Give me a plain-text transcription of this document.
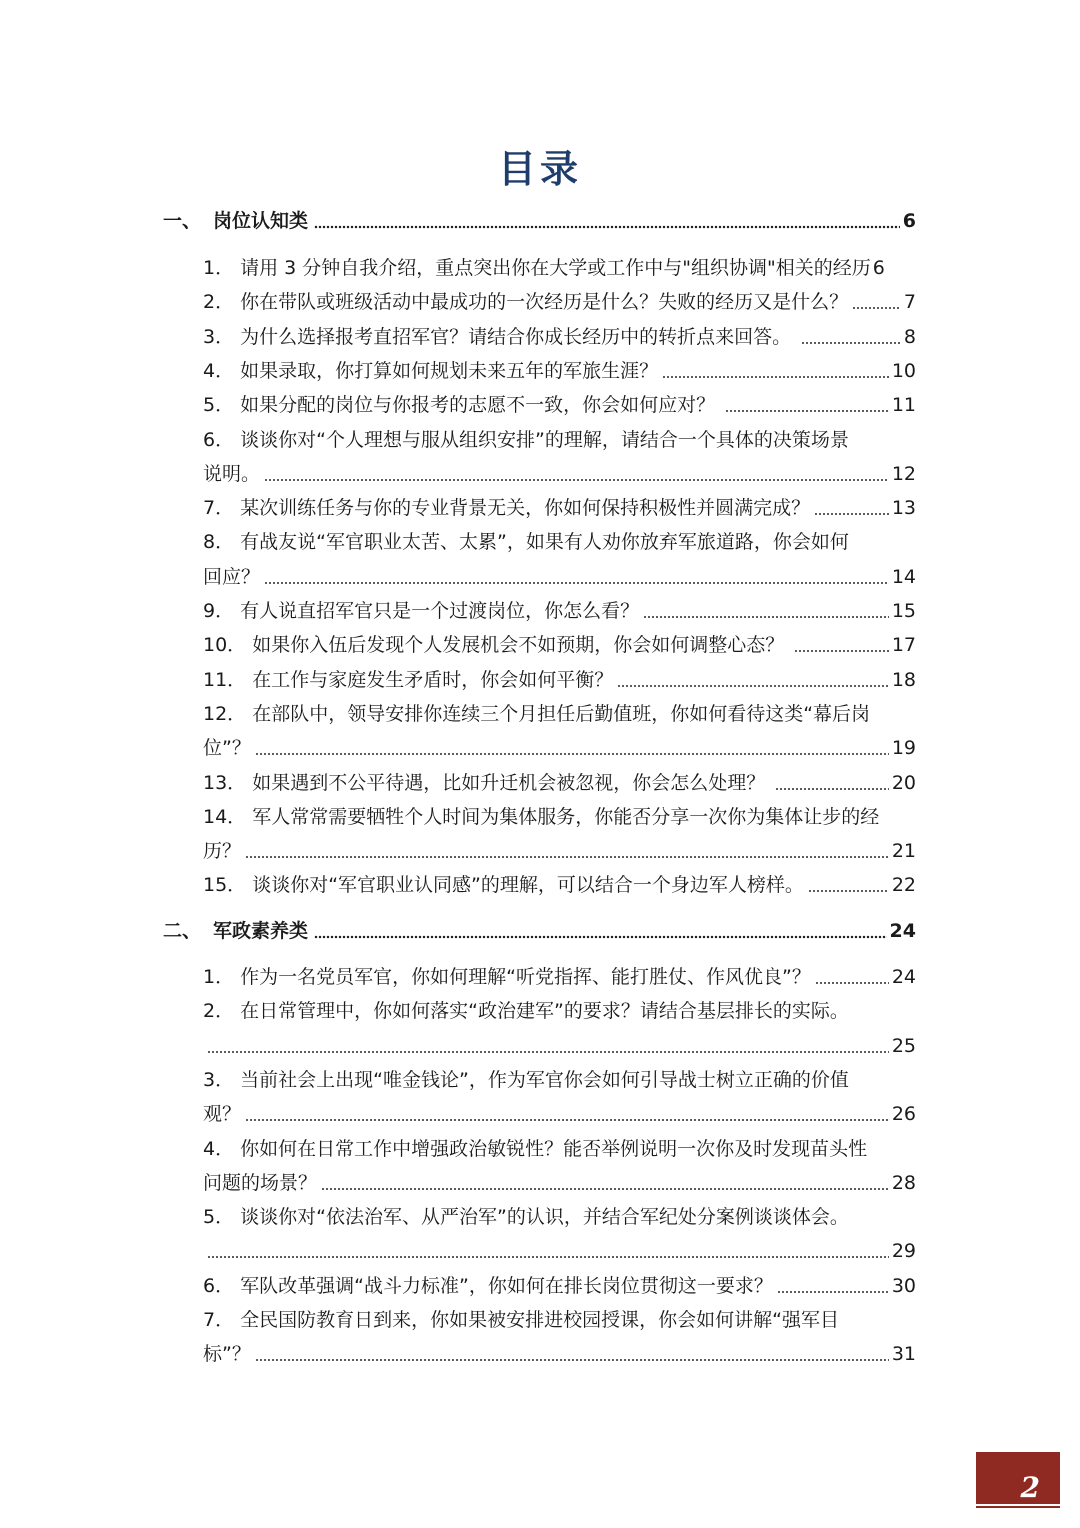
目录
一、 岗位认知类	6
1． 请用 3 分钟自我介绍，重点突出你在大学或工作中与"组织协调"相关的经历 6
2． 你在带队或班级活动中最成功的一次经历是什么？失败的经历又是什么？	7
3． 为什么选择报考直招军官？请结合你成长经历中的转折点来回答。	8
4． 如果录取，你打算如何规划未来五年的军旅生涯？	10
5． 如果分配的岗位与你报考的志愿不一致，你会如何应对？	11
6． 谈谈你对“个人理想与服从组织安排”的理解，请结合一个具体的决策场景
说明。	12
7． 某次训练任务与你的专业背景无关，你如何保持积极性并圆满完成？	13
8． 有战友说“军官职业太苦、太累”，如果有人劝你放弃军旅道路，你会如何
回应？	14
9． 有人说直招军官只是一个过渡岗位，你怎么看？	15
10． 如果你入伍后发现个人发展机会不如预期，你会如何调整心态？	17
11． 在工作与家庭发生矛盾时，你会如何平衡？	18
12． 在部队中，领导安排你连续三个月担任后勤值班，你如何看待这类“幕后岗
位”？	19
13． 如果遇到不公平待遇，比如升迁机会被忽视，你会怎么处理？	20
14． 军人常常需要牺牲个人时间为集体服务，你能否分享一次你为集体让步的经
历？	21
15． 谈谈你对“军官职业认同感”的理解，可以结合一个身边军人榜样。	22
二、 军政素养类	24
1． 作为一名党员军官，你如何理解“听党指挥、能打胜仗、作风优良”？	24
2． 在日常管理中，你如何落实“政治建军”的要求？请结合基层排长的实际。
25
3． 当前社会上出现“唯金钱论”，作为军官你会如何引导战士树立正确的价值
观？	26
4． 你如何在日常工作中增强政治敏锐性？能否举例说明一次你及时发现苗头性
问题的场景？	28
5． 谈谈你对“依法治军、从严治军”的认识，并结合军纪处分案例谈谈体会。
29
6． 军队改革强调“战斗力标准”，你如何在排长岗位贯彻这一要求？	30
7． 全民国防教育日到来，你如果被安排进校园授课，你会如何讲解“强军目
标”？	31
2
